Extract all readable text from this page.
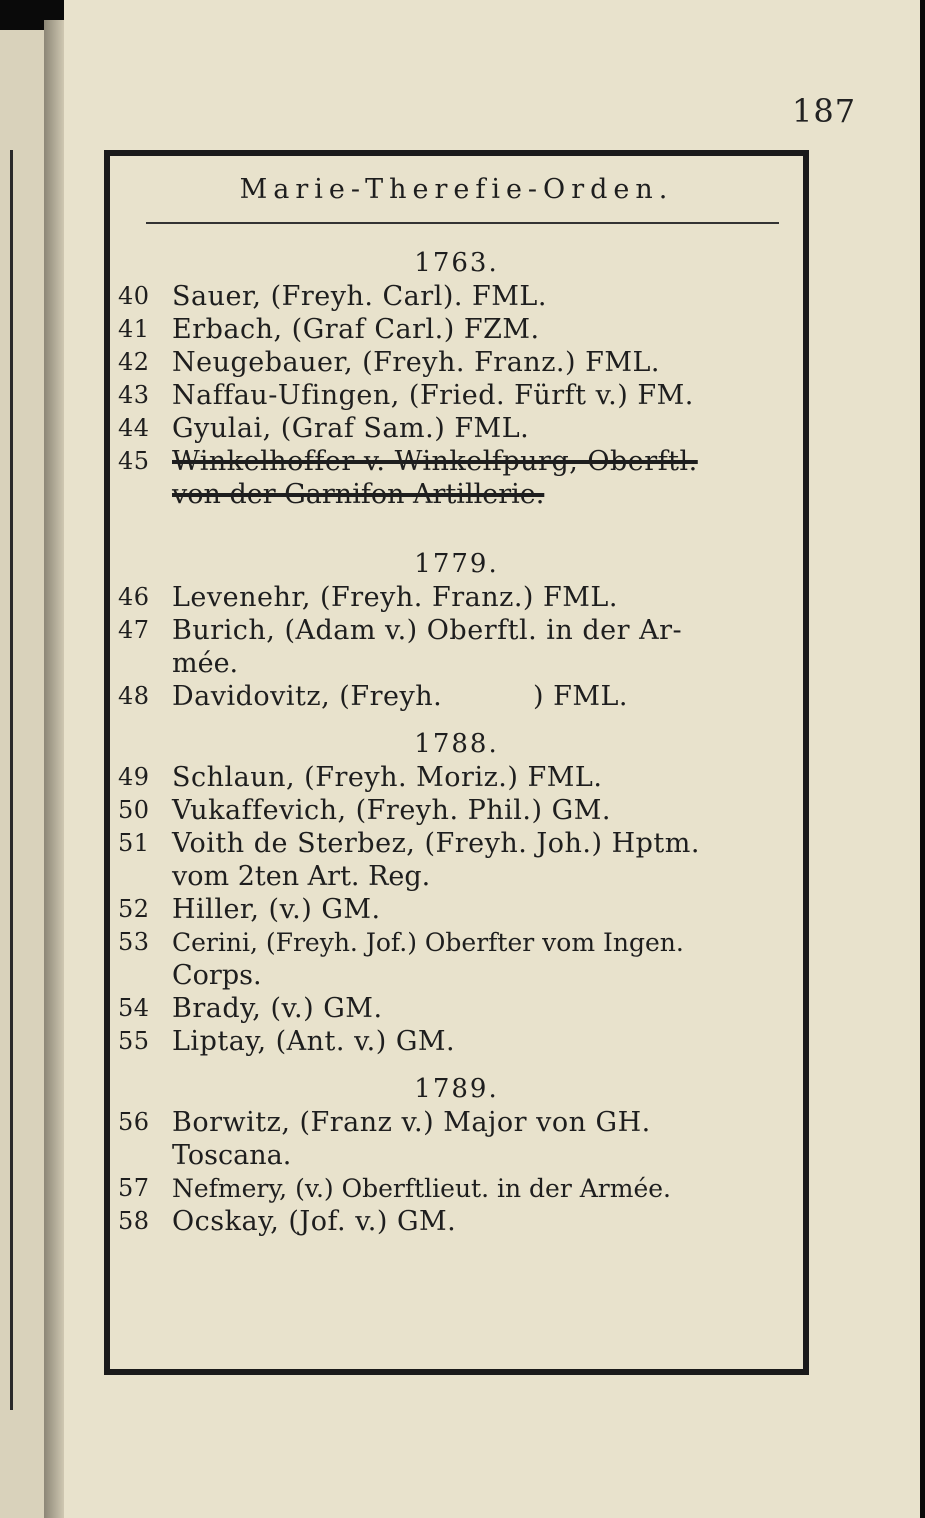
187
Marie-Therefie-Orden.
1763.
40 Sauer, (Freyh. Carl). FML.
41 Erbach, (Graf Carl.) FZM.
42 Neugebauer, (Freyh. Franz.) FML.
43 Naffau-Ufingen, (Fried. Fürft v.) FM.
44 Gyulai, (Graf Sam.) FML.
45 Winkelhoffer v. Winkelfpurg, Oberftl.
von der Garnifon Artillerie.
1779.
46 Levenehr, (Freyh. Franz.) FML.
47 Burich, (Adam v.) Oberftl. in der Ar-
mée.
48 Davidovitz, (Freyh.          ) FML.
1788.
49 Schlaun, (Freyh. Moriz.) FML.
50 Vukaffevich, (Freyh. Phil.) GM.
51 Voith de Sterbez, (Freyh. Joh.) Hptm.
vom 2ten Art. Reg.
52 Hiller, (v.) GM.
53 Cerini, (Freyh. Jof.) Oberfter vom Ingen.
Corps.
54 Brady, (v.) GM.
55 Liptay, (Ant. v.) GM.
1789.
56 Borwitz, (Franz v.) Major von GH.
Toscana.
57 Nefmery, (v.) Oberftlieut. in der Armée.
58 Ocskay, (Jof. v.) GM.
